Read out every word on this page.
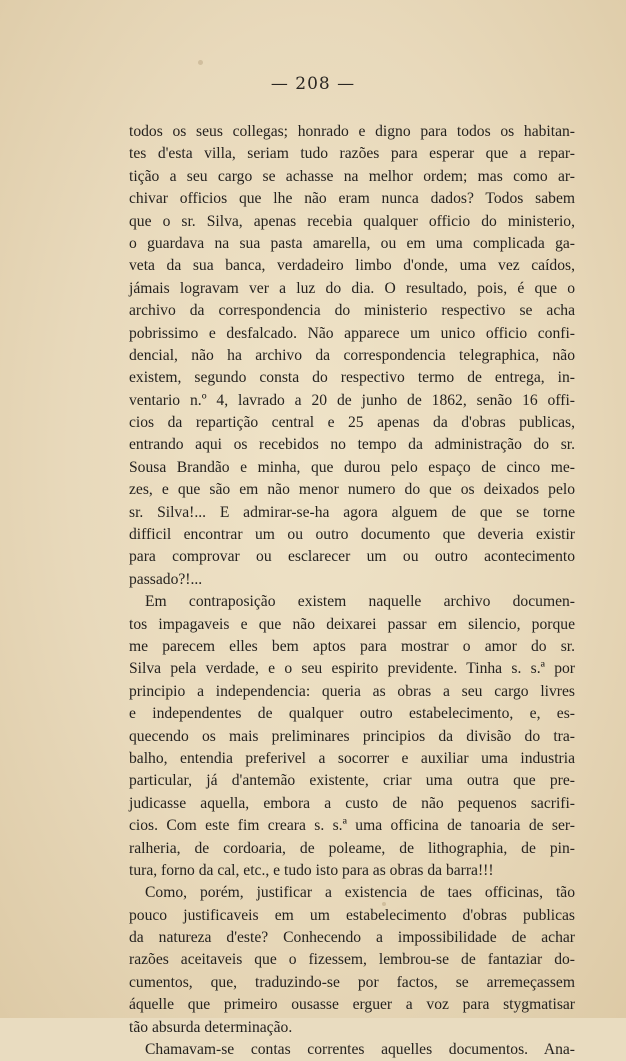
— 208 —
todos os seus collegas; honrado e digno para todos os habitan-
tes d'esta villa, seriam tudo razões para esperar que a repar-
tição a seu cargo se achasse na melhor ordem; mas como ar-
chivar officios que lhe não eram nunca dados? Todos sabem
que o sr. Silva, apenas recebia qualquer officio do ministerio,
o guardava na sua pasta amarella, ou em uma complicada ga-
veta da sua banca, verdadeiro limbo d'onde, uma vez caídos,
jámais logravam ver a luz do dia. O resultado, pois, é que o
archivo da correspondencia do ministerio respectivo se acha
pobrissimo e desfalcado. Não apparece um unico officio confi-
dencial, não ha archivo da correspondencia telegraphica, não
existem, segundo consta do respectivo termo de entrega, in-
ventario n.º 4, lavrado a 20 de junho de 1862, senão 16 offi-
cios da repartição central e 25 apenas da d'obras publicas,
entrando aqui os recebidos no tempo da administração do sr.
Sousa Brandão e minha, que durou pelo espaço de cinco me-
zes, e que são em não menor numero do que os deixados pelo
sr. Silva!... E admirar-se-ha agora alguem de que se torne
difficil encontrar um ou outro documento que deveria existir
para comprovar ou esclarecer um ou outro acontecimento
passado?!...
Em contraposição existem naquelle archivo documen-
tos impagaveis e que não deixarei passar em silencio, porque
me parecem elles bem aptos para mostrar o amor do sr.
Silva pela verdade, e o seu espirito previdente. Tinha s. s.ª por
principio a independencia: queria as obras a seu cargo livres
e independentes de qualquer outro estabelecimento, e, es-
quecendo os mais preliminares principios da divisão do tra-
balho, entendia preferivel a socorrer e auxiliar uma industria
particular, já d'antemão existente, criar uma outra que pre-
judicasse aquella, embora a custo de não pequenos sacrifi-
cios. Com este fim creara s. s.ª uma officina de tanoaria de ser-
ralheria, de cordoaria, de poleame, de lithographia, de pin-
tura, forno da cal, etc., e tudo isto para as obras da barra!!!
Como, porém, justificar a existencia de taes officinas, tão
pouco justificaveis em um estabelecimento d'obras publicas
da natureza d'este? Conhecendo a impossibilidade de achar
razões aceitaveis que o fizessem, lembrou-se de fantaziar do-
cumentos, que, traduzindo-se por factos, se arremeçassem
áquelle que primeiro ousasse erguer a voz para stygmatisar
tão absurda determinação.
Chamavam-se contas correntes aquelles documentos. Ana-
